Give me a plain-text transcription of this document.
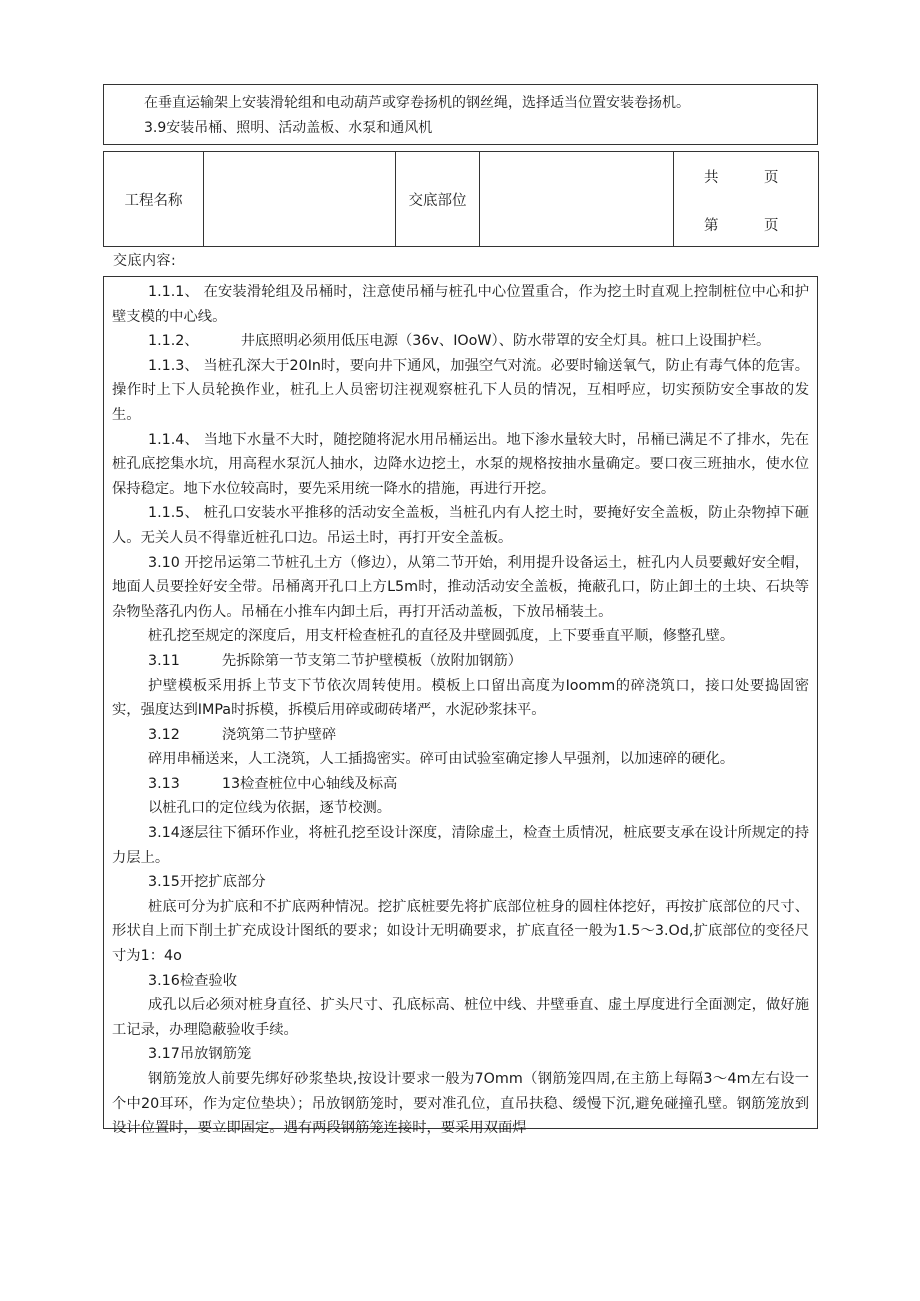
在垂直运输架上安装滑轮组和电动葫芦或穿卷扬机的钢丝绳，选择适当位置安装卷扬机。

3.9安装吊桶、照明、活动盖板、水泵和通风机

工程名称		交底部位		
共	页
第	页
交底内容:

1.1.1、 在安装滑轮组及吊桶时，注意使吊桶与桩孔中心位置重合，作为挖土时直观上控制桩位中心和护壁支模的中心线。

1.1.2、	井底照明必须用低压电源（36v、IOoW）、防水带罩的安全灯具。桩口上设围护栏。

1.1.3、 当桩孔深大于20In时，要向井下通风，加强空气对流。必要时输送氧气，防止有毒气体的危害。操作时上下人员轮换作业，桩孔上人员密切注视观察桩孔下人员的情况，互相呼应，切实预防安全事故的发生。

1.1.4、 当地下水量不大时，随挖随将泥水用吊桶运出。地下渗水量较大时，吊桶已满足不了排水，先在桩孔底挖集水坑，用高程水泵沉人抽水，边降水边挖土，水泵的规格按抽水量确定。要口夜三班抽水，使水位保持稳定。地下水位较高时，要先采用统一降水的措施，再进行开挖。

1.1.5、 桩孔口安装水平推移的活动安全盖板，当桩孔内有人挖土时，要掩好安全盖板，防止杂物掉下砸人。无关人员不得靠近桩孔口边。吊运土时，再打开安全盖板。

3.10 开挖吊运第二节桩孔土方（修边），从第二节开始，利用提升设备运土，桩孔内人员要戴好安全帽，地面人员要拴好安全带。吊桶离开孔口上方L5m时，推动活动安全盖板，掩蔽孔口，防止卸土的土块、石块等杂物坠落孔内伤人。吊桶在小推车内卸土后，再打开活动盖板，下放吊桶装土。

桩孔挖至规定的深度后，用支杆检查桩孔的直径及井壁圆弧度，上下要垂直平顺，修整孔壁。

3.11	先拆除第一节支第二节护壁模板（放附加钢筋）

护壁模板采用拆上节支下节依次周转使用。模板上口留出高度为Ioomm的碎浇筑口，接口处要捣固密实，强度达到IMPa时拆模，拆模后用碎或砌砖堵严，水泥砂浆抹平。

3.12	浇筑第二节护壁碎

碎用串桶送来，人工浇筑，人工插捣密实。碎可由试验室确定掺人早强剂，以加速碎的硬化。

3.13	13检查桩位中心轴线及标高

以桩孔口的定位线为依据，逐节校测。

3.14逐层往下循环作业，将桩孔挖至设计深度，清除虚土，检查土质情况，桩底要支承在设计所规定的持力层上。

3.15开挖扩底部分

桩底可分为扩底和不扩底两种情况。挖扩底桩要先将扩底部位桩身的圆柱体挖好，再按扩底部位的尺寸、形状自上而下削土扩充成设计图纸的要求；如设计无明确要求，扩底直径一般为1.5～3.Od,扩底部位的变径尺寸为1：4o

3.16检查验收

成孔以后必须对桩身直径、扩头尺寸、孔底标高、桩位中线、井壁垂直、虚土厚度进行全面测定，做好施工记录，办理隐蔽验收手续。

3.17吊放钢筋笼

钢筋笼放人前要先绑好砂浆垫块,按设计要求一般为7Omm（钢筋笼四周,在主筋上每隔3～4m左右设一个中20耳环，作为定位垫块）；吊放钢筋笼时，要对准孔位，直吊扶稳、缓慢下沉,避免碰撞孔壁。钢筋笼放到设计位置时，要立即固定。遇有两段钢筋笼连接时，要采用双面焊
